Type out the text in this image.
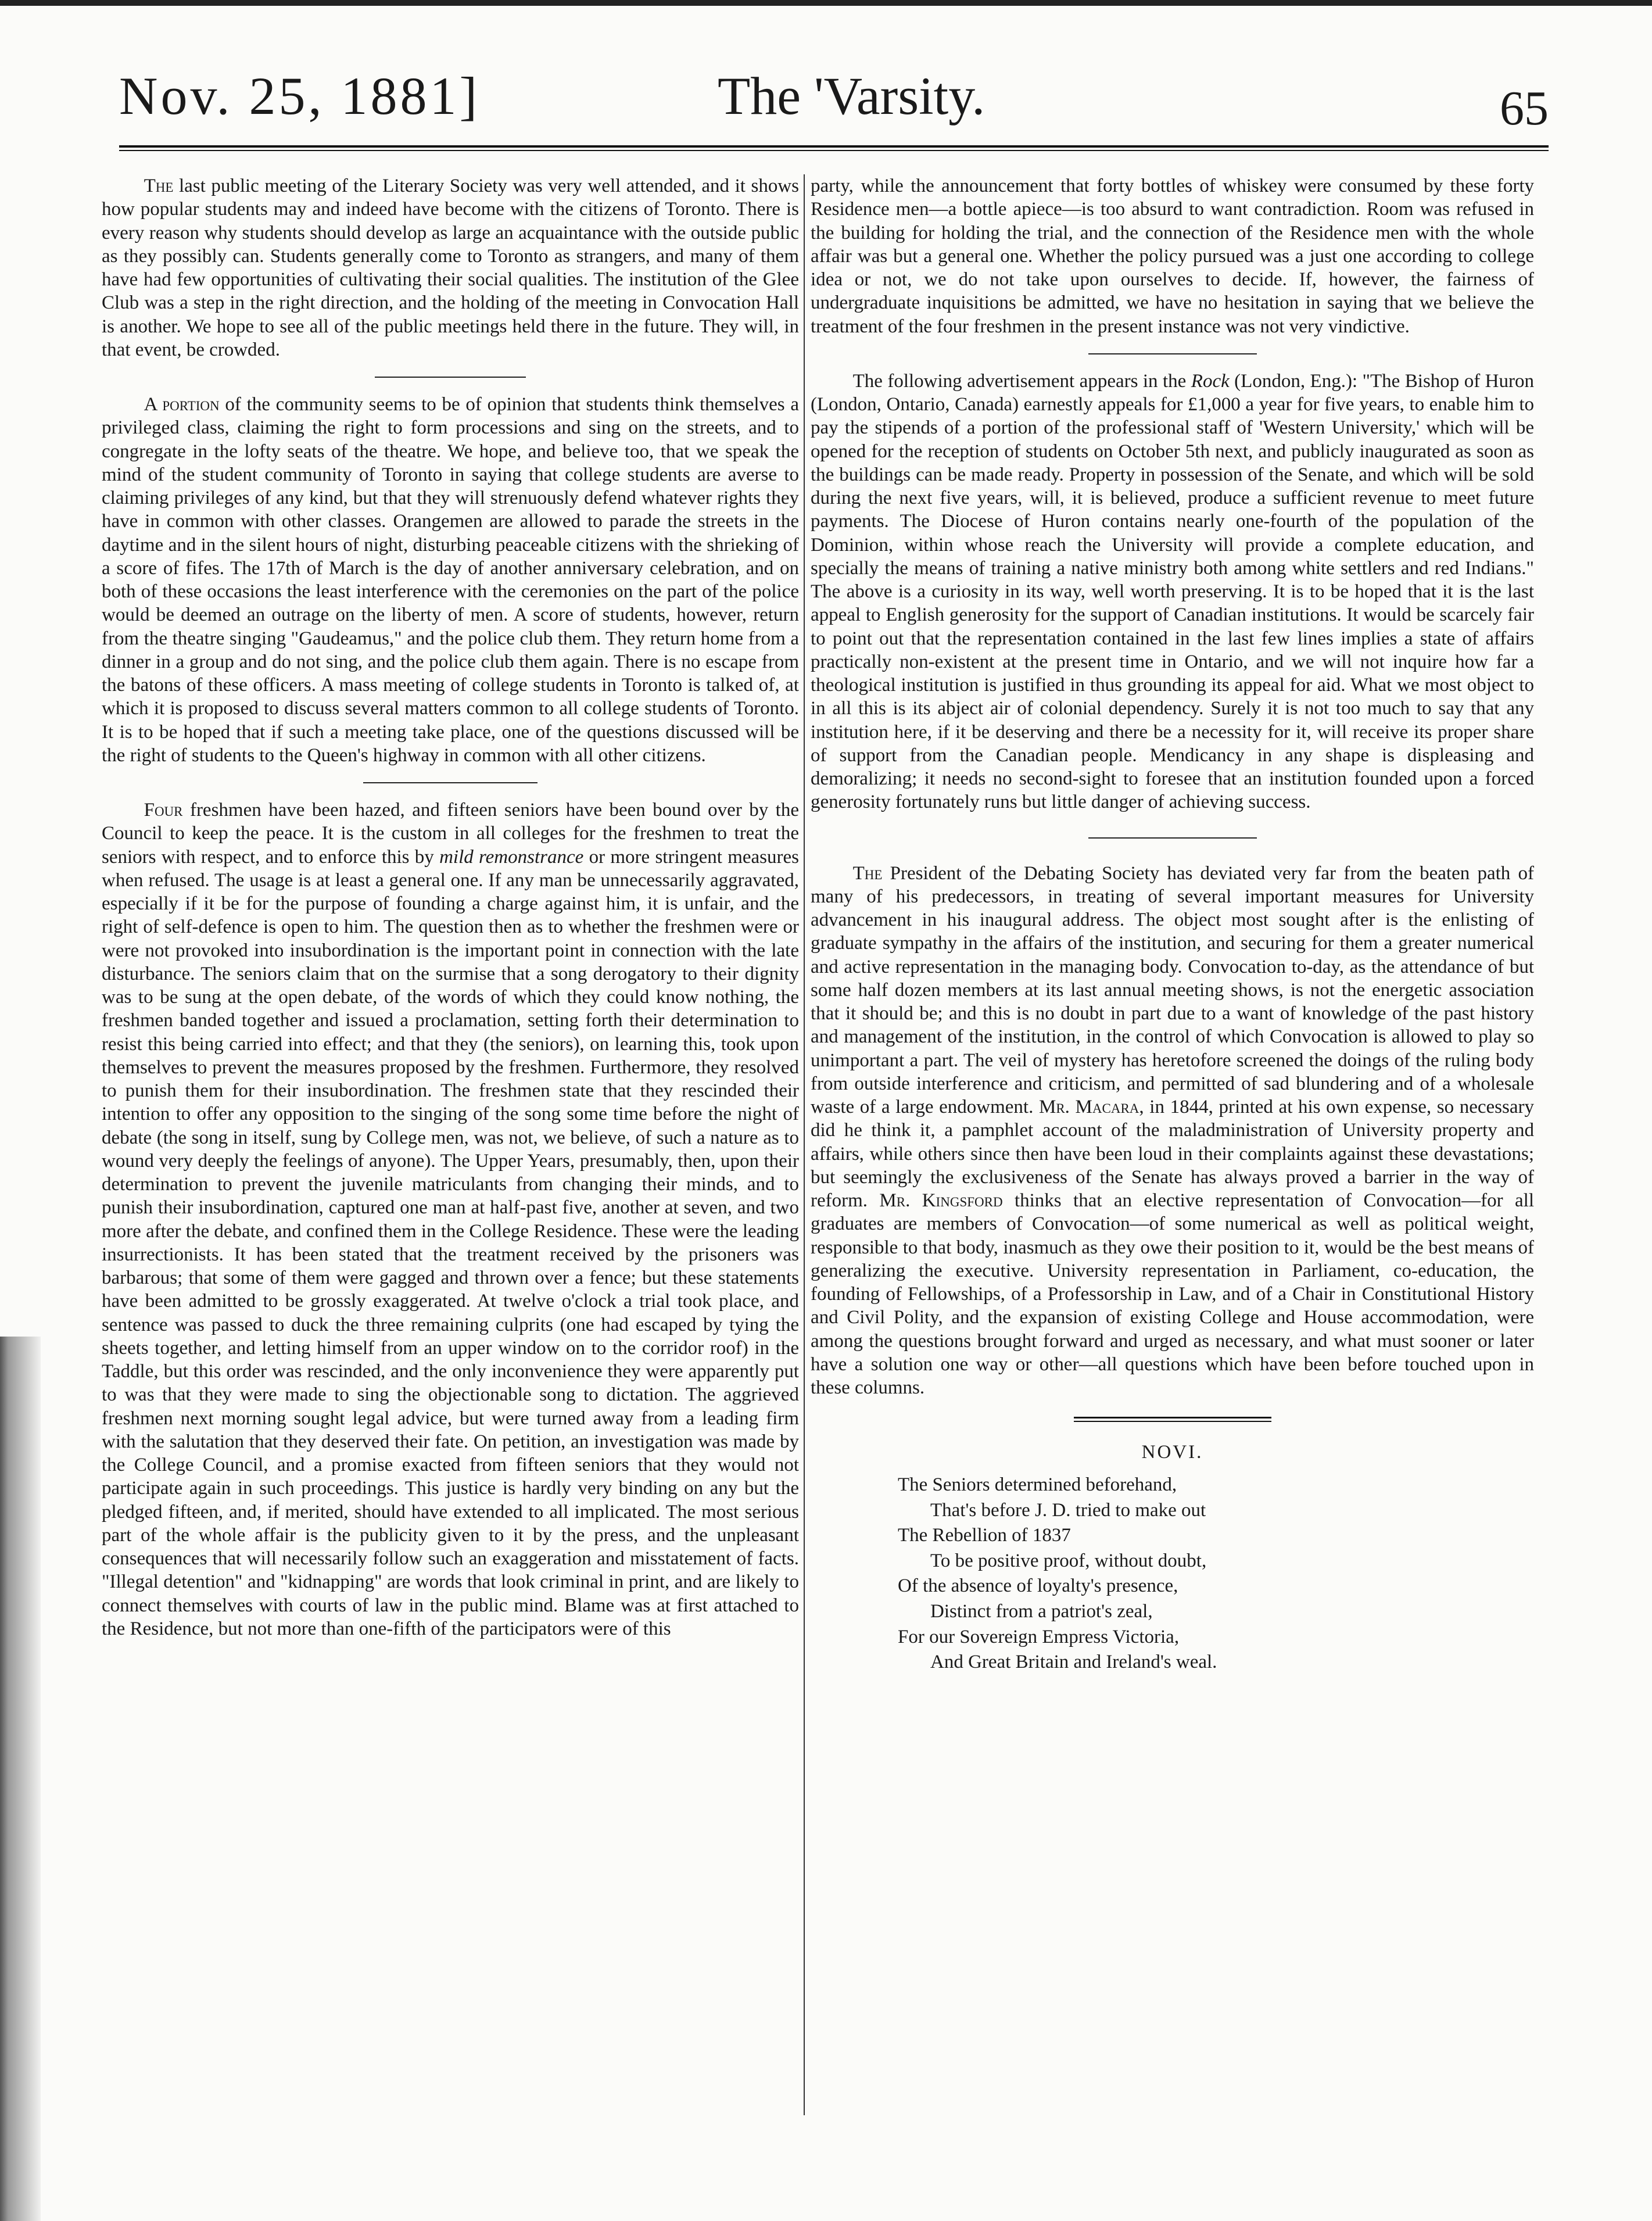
Nov. 25, 1881]	The 'Varsity.	65

The last public meeting of the Literary Society was very well attended, and it shows how popular students may and indeed have become with the citizens of Toronto. There is every reason why students should develop as large an acquaintance with the outside public as they possibly can. Students generally come to Toronto as strangers, and many of them have had few opportunities of cultivating their social qualities. The institution of the Glee Club was a step in the right direction, and the holding of the meeting in Convocation Hall is another. We hope to see all of the public meetings held there in the future. They will, in that event, be crowded.

A portion of the community seems to be of opinion that students think themselves a privileged class, claiming the right to form processions and sing on the streets, and to congregate in the lofty seats of the theatre. We hope, and believe too, that we speak the mind of the student community of Toronto in saying that college students are averse to claiming privileges of any kind, but that they will strenuously defend whatever rights they have in common with other classes. Orangemen are allowed to parade the streets in the daytime and in the silent hours of night, disturbing peaceable citizens with the shrieking of a score of fifes. The 17th of March is the day of another anniversary celebration, and on both of these occasions the least interference with the ceremonies on the part of the police would be deemed an outrage on the liberty of men. A score of students, however, return from the theatre singing "Gaudeamus," and the police club them. They return home from a dinner in a group and do not sing, and the police club them again. There is no escape from the batons of these officers. A mass meeting of college students in Toronto is talked of, at which it is proposed to discuss several matters common to all college students of Toronto. It is to be hoped that if such a meeting take place, one of the questions discussed will be the right of students to the Queen's highway in common with all other citizens.

Four freshmen have been hazed, and fifteen seniors have been bound over by the Council to keep the peace. It is the custom in all colleges for the freshmen to treat the seniors with respect, and to enforce this by mild remonstrance or more stringent measures when refused. The usage is at least a general one. If any man be unnecessarily aggravated, especially if it be for the purpose of founding a charge against him, it is unfair, and the right of self-defence is open to him. The question then as to whether the freshmen were or were not provoked into insubordination is the important point in connection with the late disturbance. The seniors claim that on the surmise that a song derogatory to their dignity was to be sung at the open debate, of the words of which they could know nothing, the freshmen banded together and issued a proclamation, setting forth their determination to resist this being carried into effect; and that they (the seniors), on learning this, took upon themselves to prevent the measures proposed by the freshmen. Furthermore, they resolved to punish them for their insubordination. The freshmen state that they rescinded their intention to offer any opposition to the singing of the song some time before the night of debate (the song in itself, sung by College men, was not, we believe, of such a nature as to wound very deeply the feelings of anyone). The Upper Years, presumably, then, upon their determination to prevent the juvenile matriculants from changing their minds, and to punish their insubordination, captured one man at half-past five, another at seven, and two more after the debate, and confined them in the College Residence. These were the leading insurrectionists. It has been stated that the treatment received by the prisoners was barbarous; that some of them were gagged and thrown over a fence; but these statements have been admitted to be grossly exaggerated. At twelve o'clock a trial took place, and sentence was passed to duck the three remaining culprits (one had escaped by tying the sheets together, and letting himself from an upper window on to the corridor roof) in the Taddle, but this order was rescinded, and the only inconvenience they were apparently put to was that they were made to sing the objectionable song to dictation. The aggrieved freshmen next morning sought legal advice, but were turned away from a leading firm with the salutation that they deserved their fate. On petition, an investigation was made by the College Council, and a promise exacted from fifteen seniors that they would not participate again in such proceedings. This justice is hardly very binding on any but the pledged fifteen, and, if merited, should have extended to all implicated. The most serious part of the whole affair is the publicity given to it by the press, and the unpleasant consequences that will necessarily follow such an exaggeration and misstatement of facts. "Illegal detention" and "kidnapping" are words that look criminal in print, and are likely to connect themselves with courts of law in the public mind. Blame was at first attached to the Residence, but not more than one-fifth of the participators were of this

party, while the announcement that forty bottles of whiskey were consumed by these forty Residence men—a bottle apiece—is too absurd to want contradiction. Room was refused in the building for holding the trial, and the connection of the Residence men with the whole affair was but a general one. Whether the policy pursued was a just one according to college idea or not, we do not take upon ourselves to decide. If, however, the fairness of undergraduate inquisitions be admitted, we have no hesitation in saying that we believe the treatment of the four freshmen in the present instance was not very vindictive.

The following advertisement appears in the Rock (London, Eng.): "The Bishop of Huron (London, Ontario, Canada) earnestly appeals for £1,000 a year for five years, to enable him to pay the stipends of a portion of the professional staff of 'Western University,' which will be opened for the reception of students on October 5th next, and publicly inaugurated as soon as the buildings can be made ready. Property in possession of the Senate, and which will be sold during the next five years, will, it is believed, produce a sufficient revenue to meet future payments. The Diocese of Huron contains nearly one-fourth of the population of the Dominion, within whose reach the University will provide a complete education, and specially the means of training a native ministry both among white settlers and red Indians." The above is a curiosity in its way, well worth preserving. It is to be hoped that it is the last appeal to English generosity for the support of Canadian institutions. It would be scarcely fair to point out that the representation contained in the last few lines implies a state of affairs practically non-existent at the present time in Ontario, and we will not inquire how far a theological institution is justified in thus grounding its appeal for aid. What we most object to in all this is its abject air of colonial dependency. Surely it is not too much to say that any institution here, if it be deserving and there be a necessity for it, will receive its proper share of support from the Canadian people. Mendicancy in any shape is displeasing and demoralizing; it needs no second-sight to foresee that an institution founded upon a forced generosity fortunately runs but little danger of achieving success.

The President of the Debating Society has deviated very far from the beaten path of many of his predecessors, in treating of several important measures for University advancement in his inaugural address. The object most sought after is the enlisting of graduate sympathy in the affairs of the institution, and securing for them a greater numerical and active representation in the managing body. Convocation to-day, as the attendance of but some half dozen members at its last annual meeting shows, is not the energetic association that it should be; and this is no doubt in part due to a want of knowledge of the past history and management of the institution, in the control of which Convocation is allowed to play so unimportant a part. The veil of mystery has heretofore screened the doings of the ruling body from outside interference and criticism, and permitted of sad blundering and of a wholesale waste of a large endowment. Mr. Macara, in 1844, printed at his own expense, so necessary did he think it, a pamphlet account of the maladministration of University property and affairs, while others since then have been loud in their complaints against these devastations; but seemingly the exclusiveness of the Senate has always proved a barrier in the way of reform. Mr. Kingsford thinks that an elective representation of Convocation—for all graduates are members of Convocation—of some numerical as well as political weight, responsible to that body, inasmuch as they owe their position to it, would be the best means of generalizing the executive. University representation in Parliament, co-education, the founding of Fellowships, of a Professorship in Law, and of a Chair in Constitutional History and Civil Polity, and the expansion of existing College and House accommodation, were among the questions brought forward and urged as necessary, and what must sooner or later have a solution one way or other—all questions which have been before touched upon in these columns.

NOVI.
The Seniors determined beforehand,
That's before J. D. tried to make out
The Rebellion of 1837
To be positive proof, without doubt,
Of the absence of loyalty's presence,
Distinct from a patriot's zeal,
For our Sovereign Empress Victoria,
And Great Britain and Ireland's weal.
